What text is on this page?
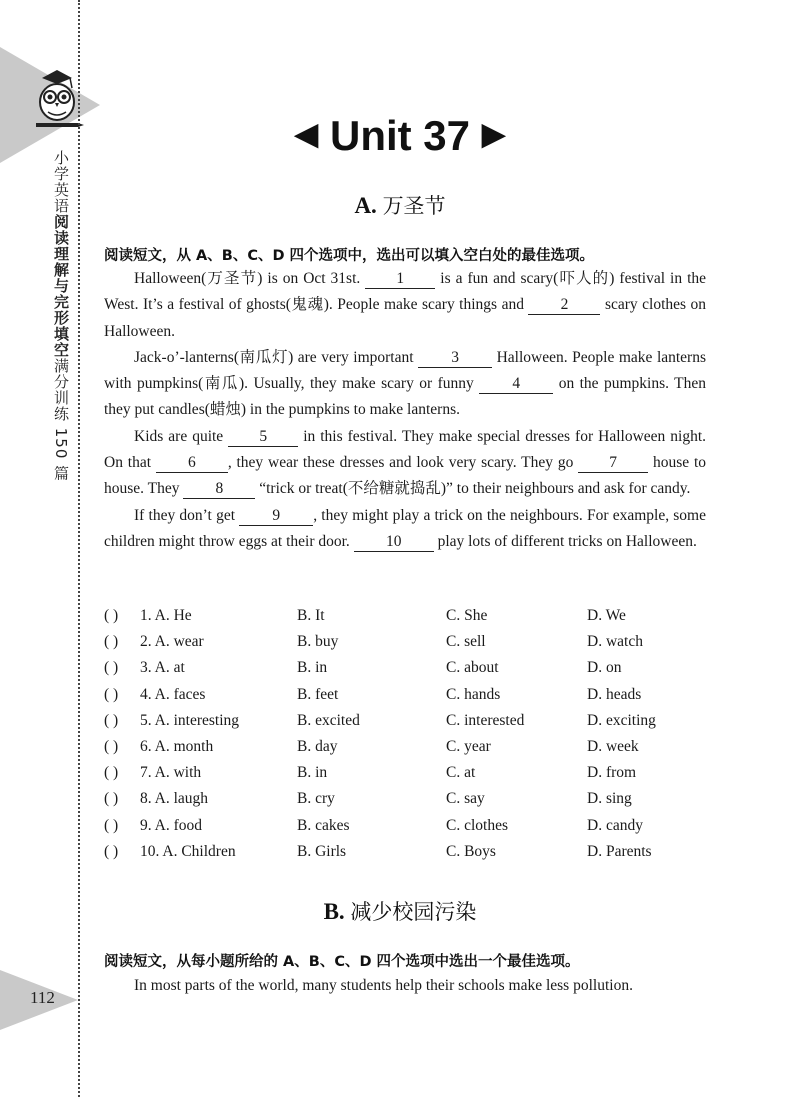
小学英语阅读理解与完形填空满分训练 150 篇
112
◀ Unit 37 ▶
A. 万圣节
阅读短文，从 A、B、C、D 四个选项中，选出可以填入空白处的最佳选项。

Halloween(万圣节) is on Oct 31st. 1 is a fun and scary(吓人的) festival in the West. It’s a festival of ghosts(鬼魂). People make scary things and 2 scary clothes on Halloween.

Jack-o’-lanterns(南瓜灯) are very important 3 Halloween. People make lanterns with pumpkins(南瓜). Usually, they make scary or funny 4 on the pumpkins. Then they put candles(蜡烛) in the pumpkins to make lanterns.

Kids are quite 5 in this festival. They make special dresses for Halloween night. On that 6 , they wear these dresses and look very scary. They go 7 house to house. They 8 “trick or treat(不给糖就捣乱)” to their neighbours and ask for candy.

If they don’t get 9 , they might play a trick on the neighbours. For example, some children might throw eggs at their door. 10 play lots of different tricks on Halloween.

( ) 1. A. He	B. It	C. She	D. We
( ) 2. A. wear	B. buy	C. sell	D. watch
( ) 3. A. at	B. in	C. about	D. on
( ) 4. A. faces	B. feet	C. hands	D. heads
( ) 5. A. interesting	B. excited	C. interested	D. exciting
( ) 6. A. month	B. day	C. year	D. week
( ) 7. A. with	B. in	C. at	D. from
( ) 8. A. laugh	B. cry	C. say	D. sing
( ) 9. A. food	B. cakes	C. clothes	D. candy
( ) 10. A. Children	B. Girls	C. Boys	D. Parents
B. 减少校园污染
阅读短文，从每小题所给的 A、B、C、D 四个选项中选出一个最佳选项。

In most parts of the world, many students help their schools make less pollution.
